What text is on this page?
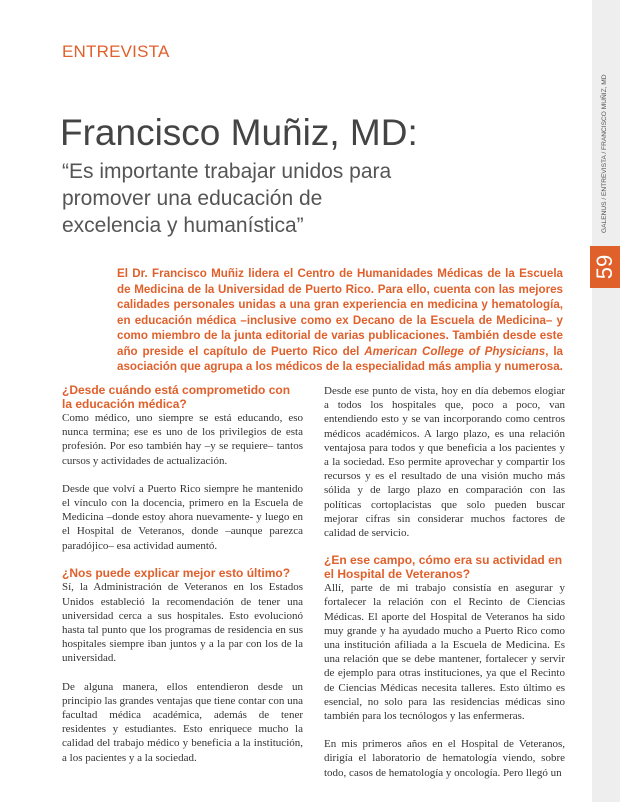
ENTREVISTA
GALENUS / ENTREVISTA / FRANCISCO MUÑIZ, MD
59
Francisco Muñiz, MD:

“Es importante trabajar unidos para promover una educación de excelencia y humanística”

El Dr. Francisco Muñiz lidera el Centro de Humanidades Médicas de la Escuela de Medicina de la Universidad de Puerto Rico. Para ello, cuenta con las mejores calidades personales unidas a una gran experiencia en medicina y hematología, en educación médica –inclusive como ex Decano de la Escuela de Medicina– y como miembro de la junta editorial de varias publicaciones. También desde este año preside el capítulo de Puerto Rico del American College of Physicians, la asociación que agrupa a los médicos de la especialidad más amplia y numerosa.

¿Desde cuándo está comprometido con la educación médica?

Como médico, uno siempre se está educando, eso nunca termina; ese es uno de los privilegios de esta profesión. Por eso también hay –y se requiere– tantos cursos y actividades de actualización.

Desde que volví a Puerto Rico siempre he mantenido el vínculo con la docencia, primero en la Escuela de Medicina –donde estoy ahora nuevamente- y luego en el Hospital de Veteranos, donde –aunque parezca paradójico– esa actividad aumentó.

¿Nos puede explicar mejor esto último?

Sí, la Administración de Veteranos en los Estados Unidos estableció la recomendación de tener una universidad cerca a sus hospitales. Esto evolucionó hasta tal punto que los programas de residencia en sus hospitales siempre iban juntos y a la par con los de la universidad.

De alguna manera, ellos entendieron desde un principio las grandes ventajas que tiene contar con una facultad médica académica, además de tener residentes y estudiantes. Esto enriquece mucho la calidad del trabajo médico y beneficia a la institución, a los pacientes y a la sociedad.

Desde ese punto de vista, hoy en día debemos elogiar a todos los hospitales que, poco a poco, van entendiendo esto y se van incorporando como centros médicos académicos. A largo plazo, es una relación ventajosa para todos y que beneficia a los pacientes y a la sociedad. Eso permite aprovechar y compartir los recursos y es el resultado de una visión mucho más sólida y de largo plazo en comparación con las políticas cortoplacistas que solo pueden buscar mejorar cifras sin considerar muchos factores de calidad de servicio.

¿En ese campo, cómo era su actividad en el Hospital de Veteranos?

Allí, parte de mi trabajo consistía en asegurar y fortalecer la relación con el Recinto de Ciencias Médicas. El aporte del Hospital de Veteranos ha sido muy grande y ha ayudado mucho a Puerto Rico como una institución afiliada a la Escuela de Medicina. Es una relación que se debe mantener, fortalecer y servir de ejemplo para otras instituciones, ya que el Recinto de Ciencias Médicas necesita talleres. Esto último es esencial, no solo para las residencias médicas sino también para los tecnólogos y las enfermeras.

En mis primeros años en el Hospital de Veteranos, dirigía el laboratorio de hematología viendo, sobre todo, casos de hematología y oncología. Pero llegó un
